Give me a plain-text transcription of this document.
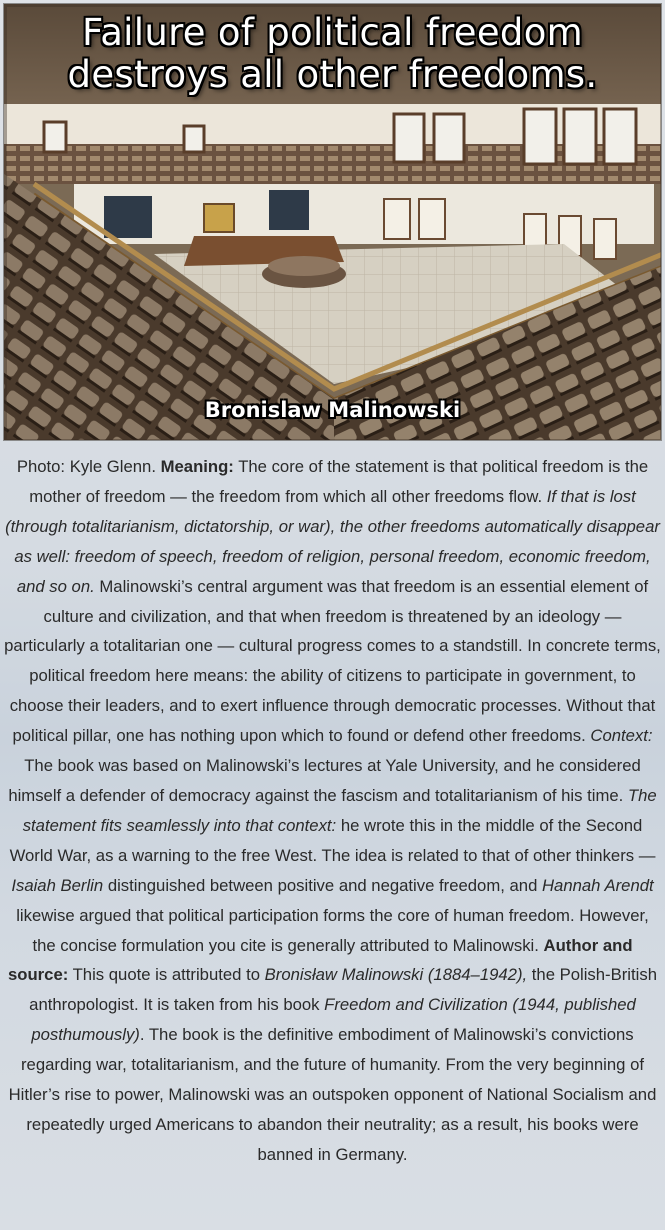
Failure of political freedom
destroys all other freedoms.
Bronislaw Malinowski
Photo: Kyle Glenn. Meaning: The core of the statement is that political freedom is the mother of freedom — the freedom from which all other freedoms flow. If that is lost (through totalitarianism, dictatorship, or war), the other freedoms automatically disappear as well: freedom of speech, freedom of religion, personal freedom, economic freedom, and so on. Malinowski’s central argument was that freedom is an essential element of culture and civilization, and that when freedom is threatened by an ideology — particularly a totalitarian one — cultural progress comes to a standstill. In concrete terms, political freedom here means: the ability of citizens to participate in government, to choose their leaders, and to exert influence through democratic processes. Without that political pillar, one has nothing upon which to found or defend other freedoms. Context: The book was based on Malinowski’s lectures at Yale University, and he considered himself a defender of democracy against the fascism and totalitarianism of his time. The statement fits seamlessly into that context: he wrote this in the middle of the Second World War, as a warning to the free West. The idea is related to that of other thinkers — Isaiah Berlin distinguished between positive and negative freedom, and Hannah Arendt likewise argued that political participation forms the core of human freedom. However, the concise formulation you cite is generally attributed to Malinowski. Author and source: This quote is attributed to Bronisław Malinowski (1884–1942), the Polish-British anthropologist. It is taken from his book Freedom and Civilization (1944, published posthumously). The book is the definitive embodiment of Malinowski’s convictions regarding war, totalitarianism, and the future of humanity. From the very beginning of Hitler’s rise to power, Malinowski was an outspoken opponent of National Socialism and repeatedly urged Americans to abandon their neutrality; as a result, his books were banned in Germany.
